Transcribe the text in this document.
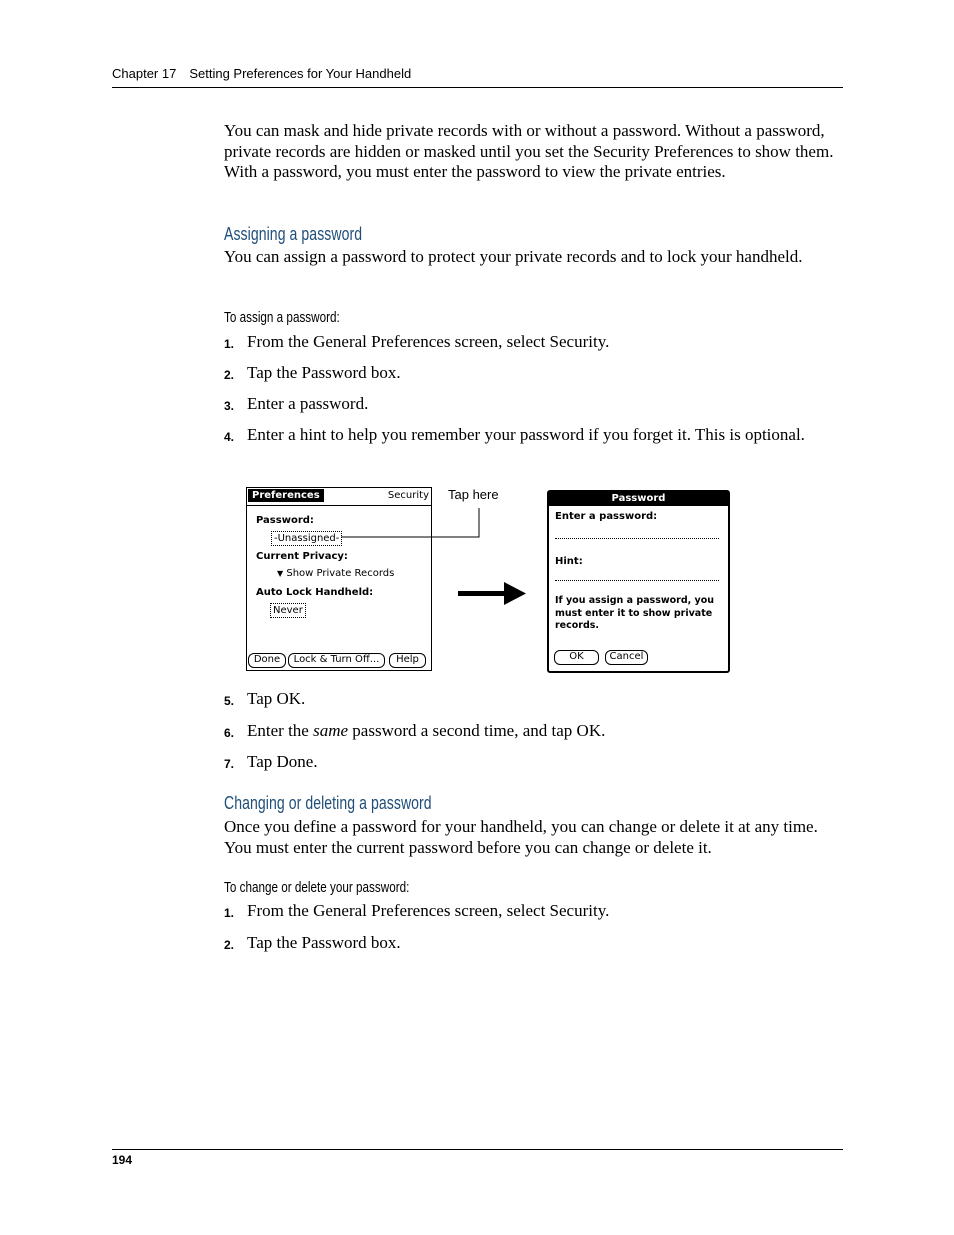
Chapter 17 Setting Preferences for Your Handheld
You can mask and hide private records with or without a password. Without a password, private records are hidden or masked until you set the Security Preferences to show them. With a password, you must enter the password to view the private entries.
Assigning a password
You can assign a password to protect your private records and to lock your handheld.
To assign a password:
1. From the General Preferences screen, select Security.
2. Tap the Password box.
3. Enter a password.
4. Enter a hint to help you remember your password if you forget it. This is optional.
Preferences	Security
Password:
-Unassigned-
Current Privacy:
▼ Show Private Records
Auto Lock Handheld:
Never
Done	Lock & Turn Off...	Help
Tap here	Password
Enter a password:
Hint:
If you assign a password, you must enter it to show private records.
OK	Cancel
5. Tap OK.
6. Enter the same password a second time, and tap OK.
7. Tap Done.
Changing or deleting a password
Once you define a password for your handheld, you can change or delete it at any time. You must enter the current password before you can change or delete it.
To change or delete your password:
1. From the General Preferences screen, select Security.
2. Tap the Password box.
194
